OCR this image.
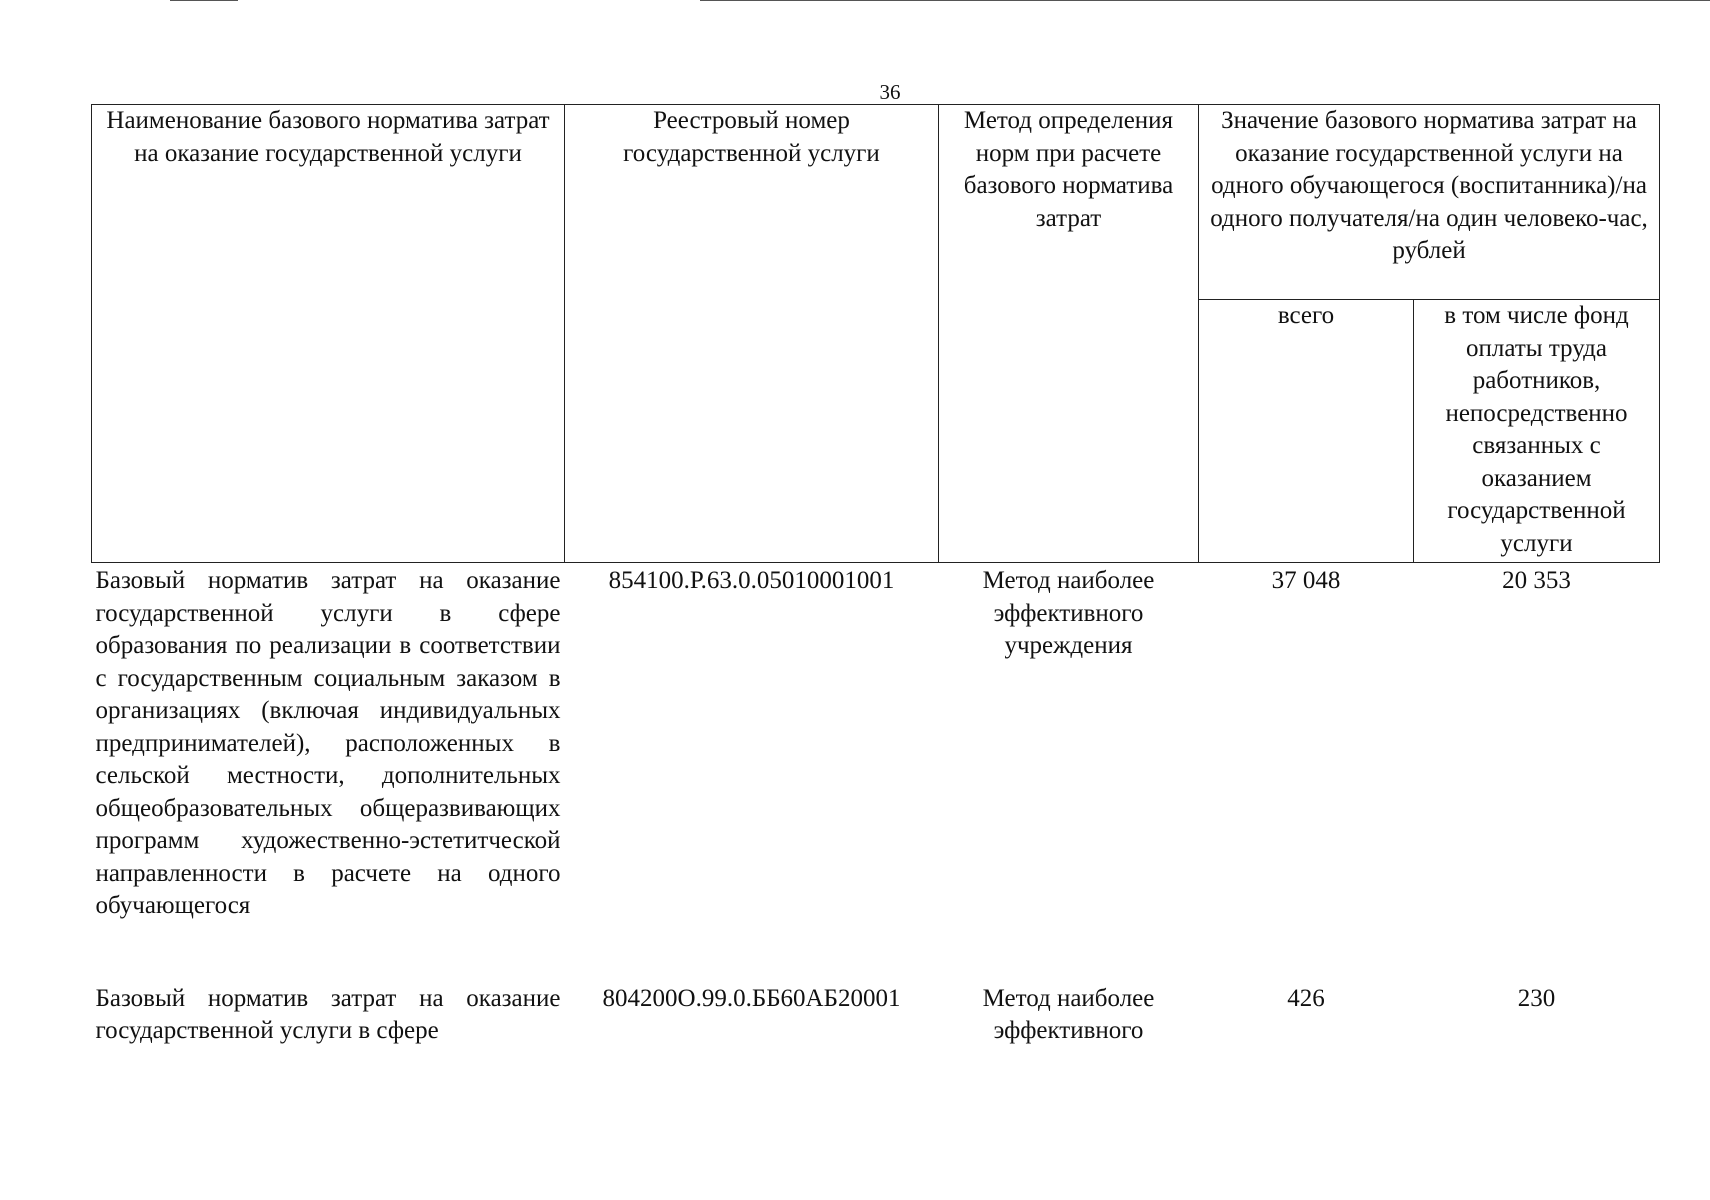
36
Наименование базового норматива затрат на оказание государственной услуги	Реестровый номер государственной услуги	Метод определения норм при расчете базового норматива затрат	Значение базового норматива затрат на оказание государственной услуги на одного обучающегося (воспитанника)/на одного получателя/на один человеко-час, рублей	
			всего	в том числе фонд оплаты труда работников, непосредственно связанных с оказанием государственной услуги
Базовый норматив затрат на оказание государственной услуги в сфере образования по реализации в соответствии с государственным социальным заказом в организациях (включая индивидуальных предпринимателей), расположенных в сельской местности, дополнительных общеобразовательных общеразвивающих программ художественно-эстетитческой направленности в расчете на одного обучающегося	854100.Р.63.0.05010001001	Метод наиболее эффективного учреждения	37 048	20 353

Базовый норматив затрат на оказание государственной услуги в сфере	804200О.99.0.ББ60АБ20001	Метод наиболее эффективного	426	230
